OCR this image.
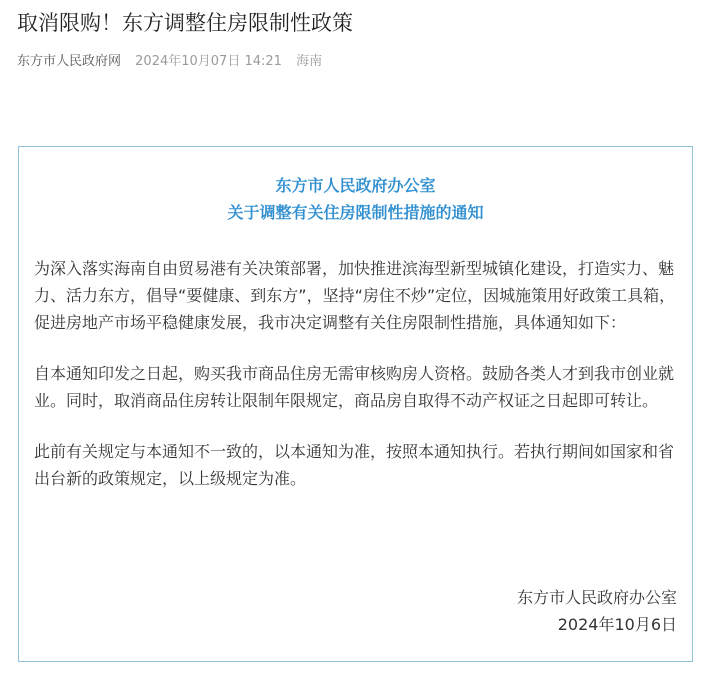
取消限购！东方调整住房限制性政策
东方市人民政府网 2024年10月07日 14:21 海南
东方市人民政府办公室
关于调整有关住房限制性措施的通知

为深入落实海南自由贸易港有关决策部署，加快推进滨海型新型城镇化建设，打造实力、魅力、活力东方，倡导“要健康、到东方”，坚持“房住不炒”定位，因城施策用好政策工具箱，促进房地产市场平稳健康发展，我市决定调整有关住房限制性措施，具体通知如下：

自本通知印发之日起，购买我市商品住房无需审核购房人资格。鼓励各类人才到我市创业就业。同时，取消商品住房转让限制年限规定，商品房自取得不动产权证之日起即可转让。

此前有关规定与本通知不一致的，以本通知为准，按照本通知执行。若执行期间如国家和省出台新的政策规定，以上级规定为准。

东方市人民政府办公室
2024年10月6日
